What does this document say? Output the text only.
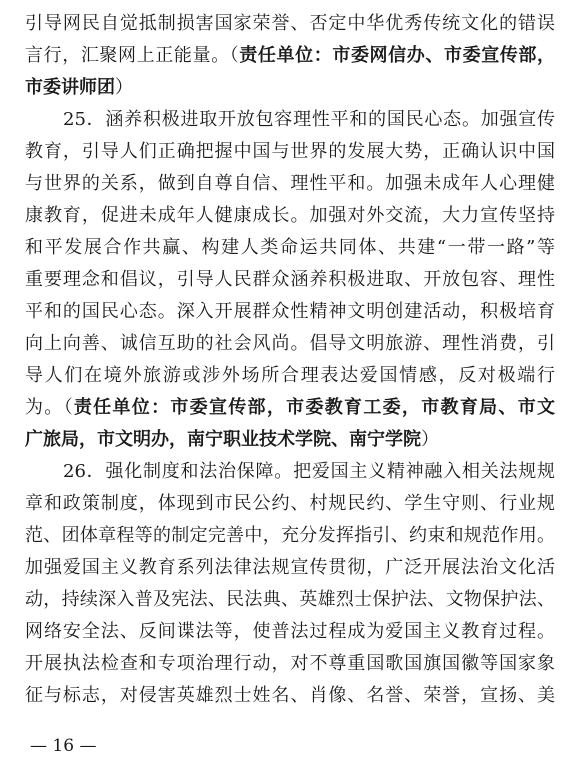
引导网民自觉抵制损害国家荣誉、否定中华优秀传统文化的错误
言行，汇聚网上正能量。（责任单位：市委网信办、市委宣传部，
市委讲师团）
25．涵养积极进取开放包容理性平和的国民心态。加强宣传
教育，引导人们正确把握中国与世界的发展大势，正确认识中国
与世界的关系，做到自尊自信、理性平和。加强未成年人心理健
康教育，促进未成年人健康成长。加强对外交流，大力宣传坚持
和平发展合作共赢、构建人类命运共同体、共建“一带一路”等
重要理念和倡议，引导人民群众涵养积极进取、开放包容、理性
平和的国民心态。深入开展群众性精神文明创建活动，积极培育
向上向善、诚信互助的社会风尚。倡导文明旅游、理性消费，引
导人们在境外旅游或涉外场所合理表达爱国情感，反对极端行
为。（责任单位：市委宣传部，市委教育工委，市教育局、市文
广旅局，市文明办，南宁职业技术学院、南宁学院）
26．强化制度和法治保障。把爱国主义精神融入相关法规规
章和政策制度，体现到市民公约、村规民约、学生守则、行业规
范、团体章程等的制定完善中，充分发挥指引、约束和规范作用。
加强爱国主义教育系列法律法规宣传贯彻，广泛开展法治文化活
动，持续深入普及宪法、民法典、英雄烈士保护法、文物保护法、
网络安全法、反间谍法等，使普法过程成为爱国主义教育过程。
开展执法检查和专项治理行动，对不尊重国歌国旗国徽等国家象
征与标志，对侵害英雄烈士姓名、肖像、名誉、荣誉，宣扬、美
— 16 —
